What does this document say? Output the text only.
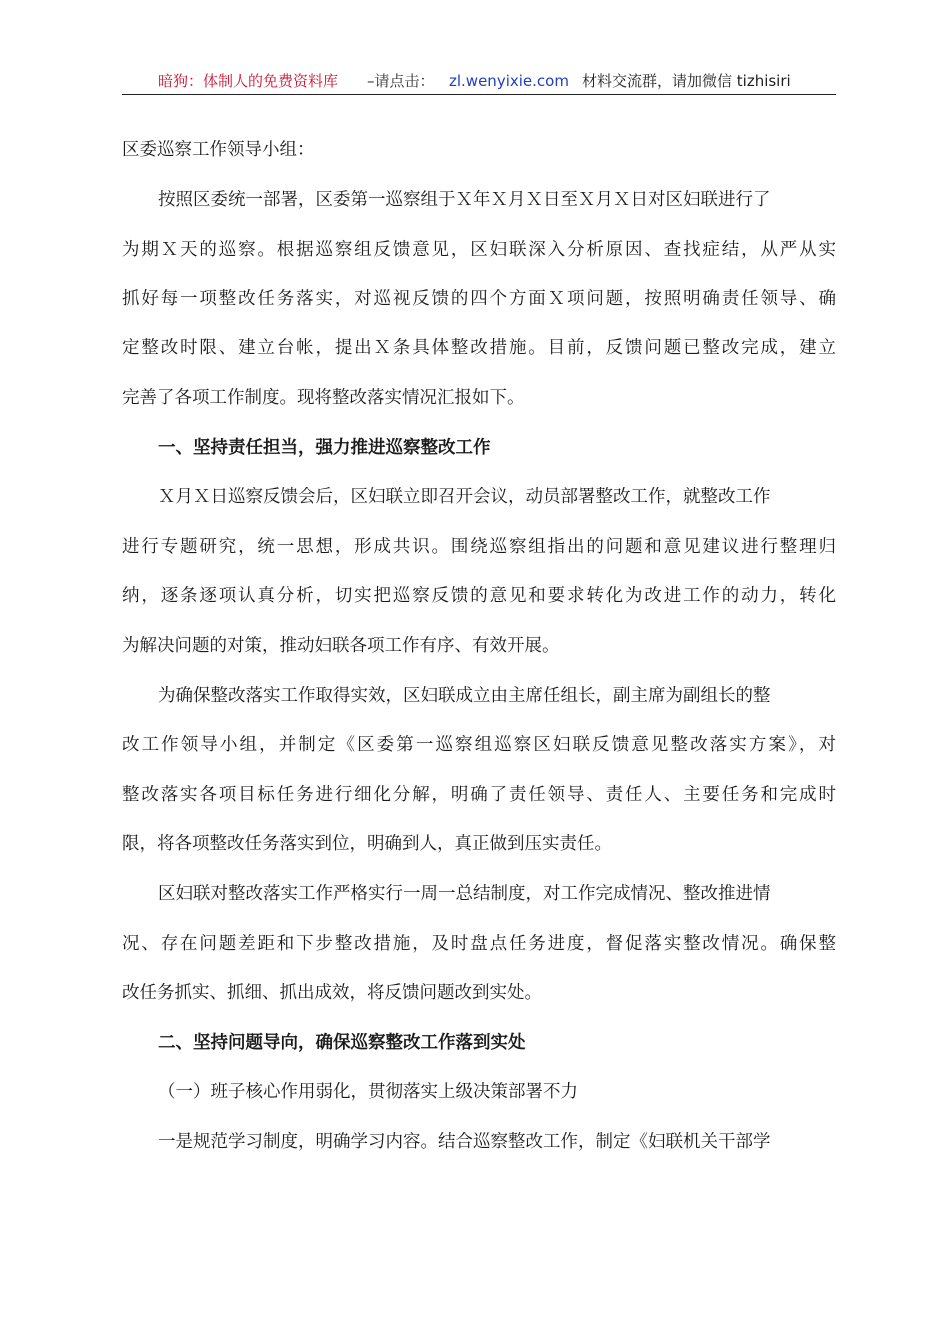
暗狗：体制人的免费资料库 –请点击： zl.wenyixie.com 材料交流群，请加微信 tizhisiri
区委巡察工作领导小组：
按照区委统一部署，区委第一巡察组于Ｘ年Ｘ月Ｘ日至Ｘ月Ｘ日对区妇联进行了
为期Ｘ天的巡察。根据巡察组反馈意见，区妇联深入分析原因、查找症结，从严从实
抓好每一项整改任务落实，对巡视反馈的四个方面Ｘ项问题，按照明确责任领导、确
定整改时限、建立台帐，提出Ｘ条具体整改措施。目前，反馈问题已整改完成，建立
完善了各项工作制度。现将整改落实情况汇报如下。
一、坚持责任担当，强力推进巡察整改工作
Ｘ月Ｘ日巡察反馈会后，区妇联立即召开会议，动员部署整改工作，就整改工作
进行专题研究，统一思想，形成共识。围绕巡察组指出的问题和意见建议进行整理归
纳，逐条逐项认真分析，切实把巡察反馈的意见和要求转化为改进工作的动力，转化
为解决问题的对策，推动妇联各项工作有序、有效开展。
为确保整改落实工作取得实效，区妇联成立由主席任组长，副主席为副组长的整
改工作领导小组，并制定《区委第一巡察组巡察区妇联反馈意见整改落实方案》，对
整改落实各项目标任务进行细化分解，明确了责任领导、责任人、主要任务和完成时
限，将各项整改任务落实到位，明确到人，真正做到压实责任。
区妇联对整改落实工作严格实行一周一总结制度，对工作完成情况、整改推进情
况、存在问题差距和下步整改措施，及时盘点任务进度，督促落实整改情况。确保整
改任务抓实、抓细、抓出成效，将反馈问题改到实处。
二、坚持问题导向，确保巡察整改工作落到实处
（一）班子核心作用弱化，贯彻落实上级决策部署不力
一是规范学习制度，明确学习内容。结合巡察整改工作，制定《妇联机关干部学
